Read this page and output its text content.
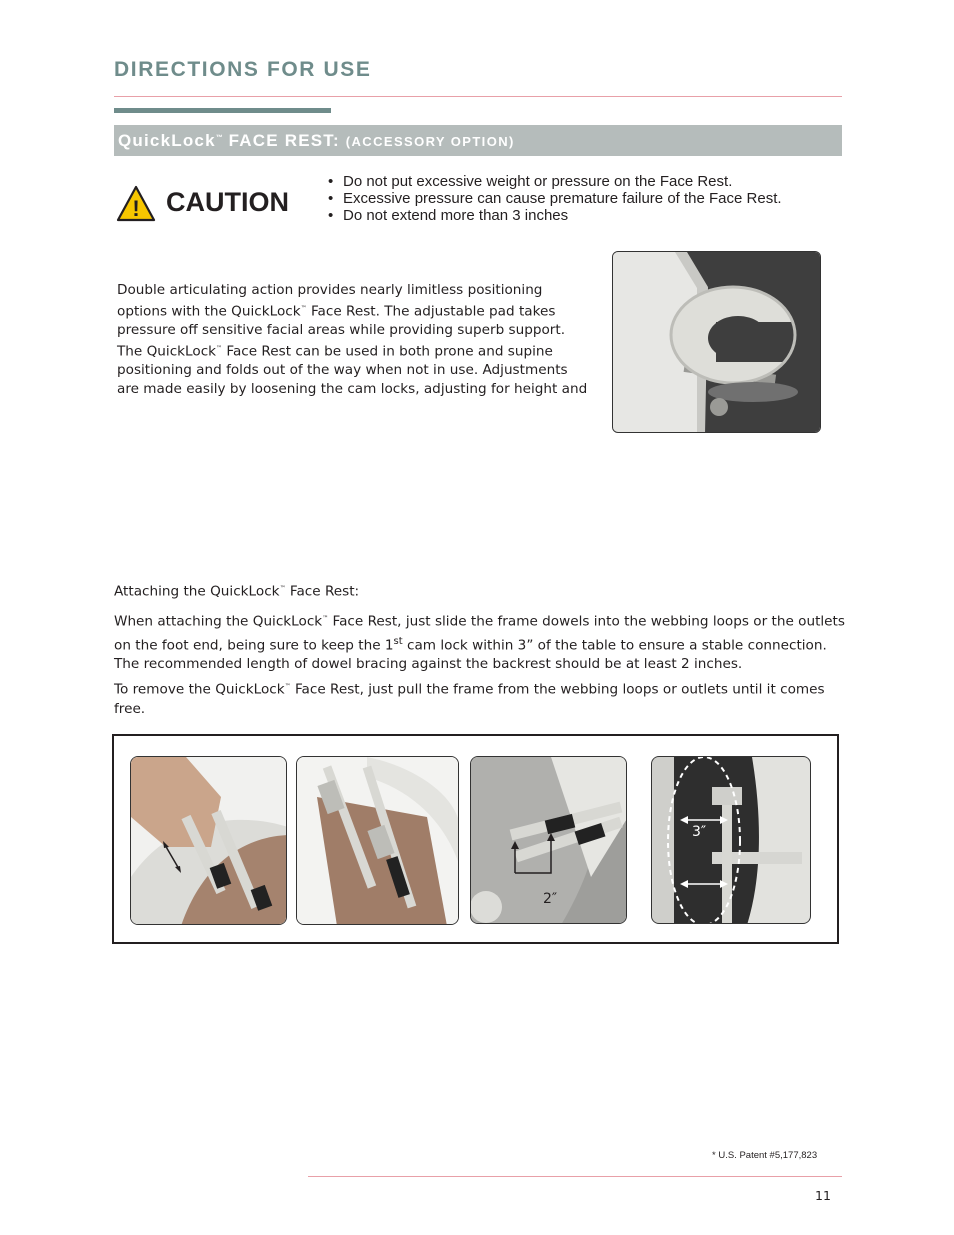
DIRECTIONS FOR USE
QuickLock™ FACE REST: (ACCESSORY OPTION)
! CAUTION
• Do not put excessive weight or pressure on the Face Rest.
• Excessive pressure can cause premature failure of the Face Rest.
• Do not extend more than 3 inches

Double articulating action provides nearly limitless positioning options with the QuickLock™ Face Rest. The adjustable pad takes pressure off sensitive facial areas while providing superb support. The QuickLock™ Face Rest can be used in both prone and supine positioning and folds out of the way when not in use. Adjustments are made easily by loosening the cam locks, adjusting for height and

Attaching the QuickLock™ Face Rest:

When attaching the QuickLock™ Face Rest, just slide the frame dowels into the webbing loops or the outlets on the foot end, being sure to keep the 1st cam lock within 3” of the table to ensure a stable connection. The recommended length of dowel bracing against the backrest should be at least 2 inches.

To remove the QuickLock™ Face Rest, just pull the frame from the webbing loops or outlets until it comes free.

2″
3″
* U.S. Patent #5,177,823
11
